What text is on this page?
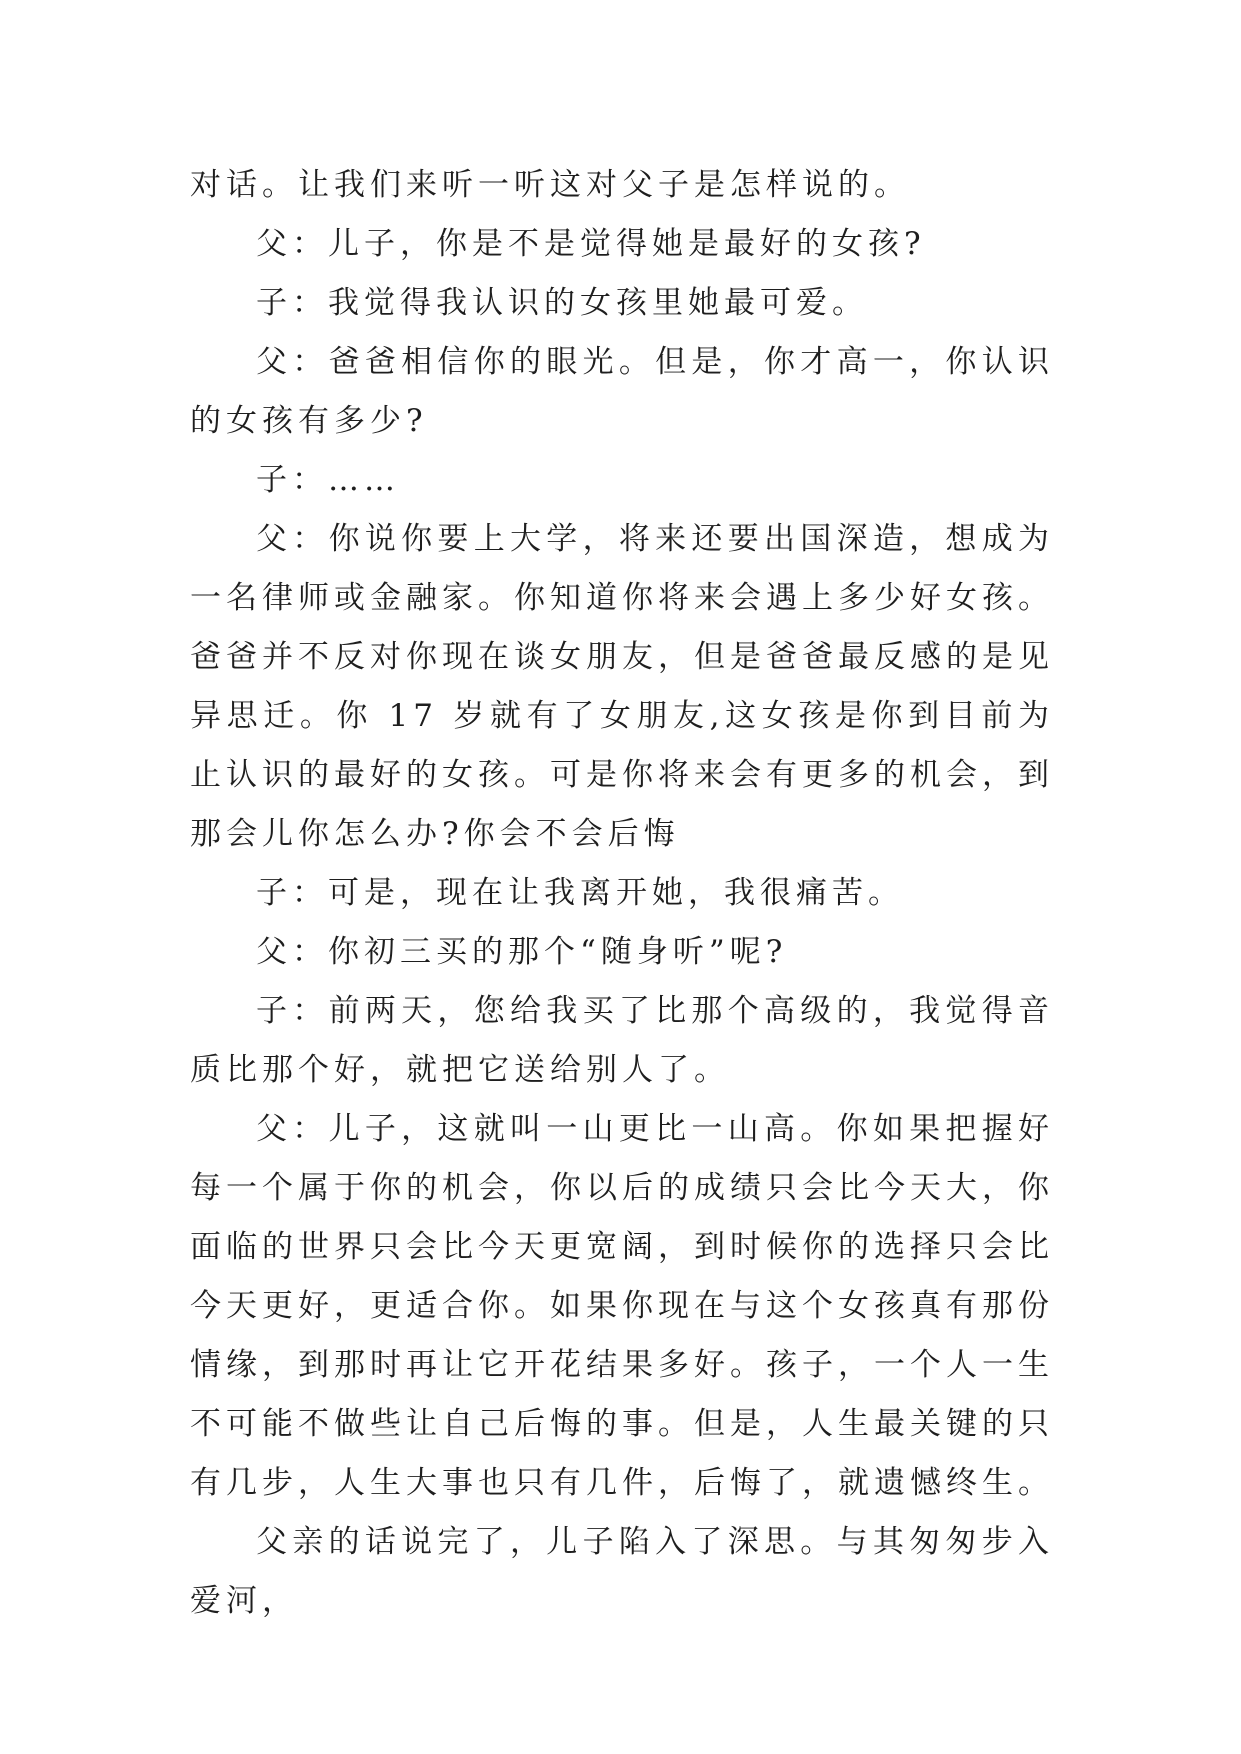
对话。让我们来听一听这对父子是怎样说的。

父：儿子，你是不是觉得她是最好的女孩?

子：我觉得我认识的女孩里她最可爱。

父：爸爸相信你的眼光。但是，你才高一，你认识的女孩有多少?

子：……

父：你说你要上大学，将来还要出国深造，想成为一名律师或金融家。你知道你将来会遇上多少好女孩。爸爸并不反对你现在谈女朋友，但是爸爸最反感的是见异思迁。你 17 岁就有了女朋友,这女孩是你到目前为止认识的最好的女孩。可是你将来会有更多的机会，到那会儿你怎么办?你会不会后悔

子：可是，现在让我离开她，我很痛苦。

父：你初三买的那个“随身听”呢?

子：前两天，您给我买了比那个高级的，我觉得音质比那个好，就把它送给别人了。

父：儿子，这就叫一山更比一山高。你如果把握好每一个属于你的机会，你以后的成绩只会比今天大，你面临的世界只会比今天更宽阔，到时候你的选择只会比今天更好，更适合你。如果你现在与这个女孩真有那份情缘，到那时再让它开花结果多好。孩子，一个人一生不可能不做些让自己后悔的事。但是，人生最关键的只有几步，人生大事也只有几件，后悔了，就遗憾终生。

父亲的话说完了，儿子陷入了深思。与其匆匆步入爱河，
